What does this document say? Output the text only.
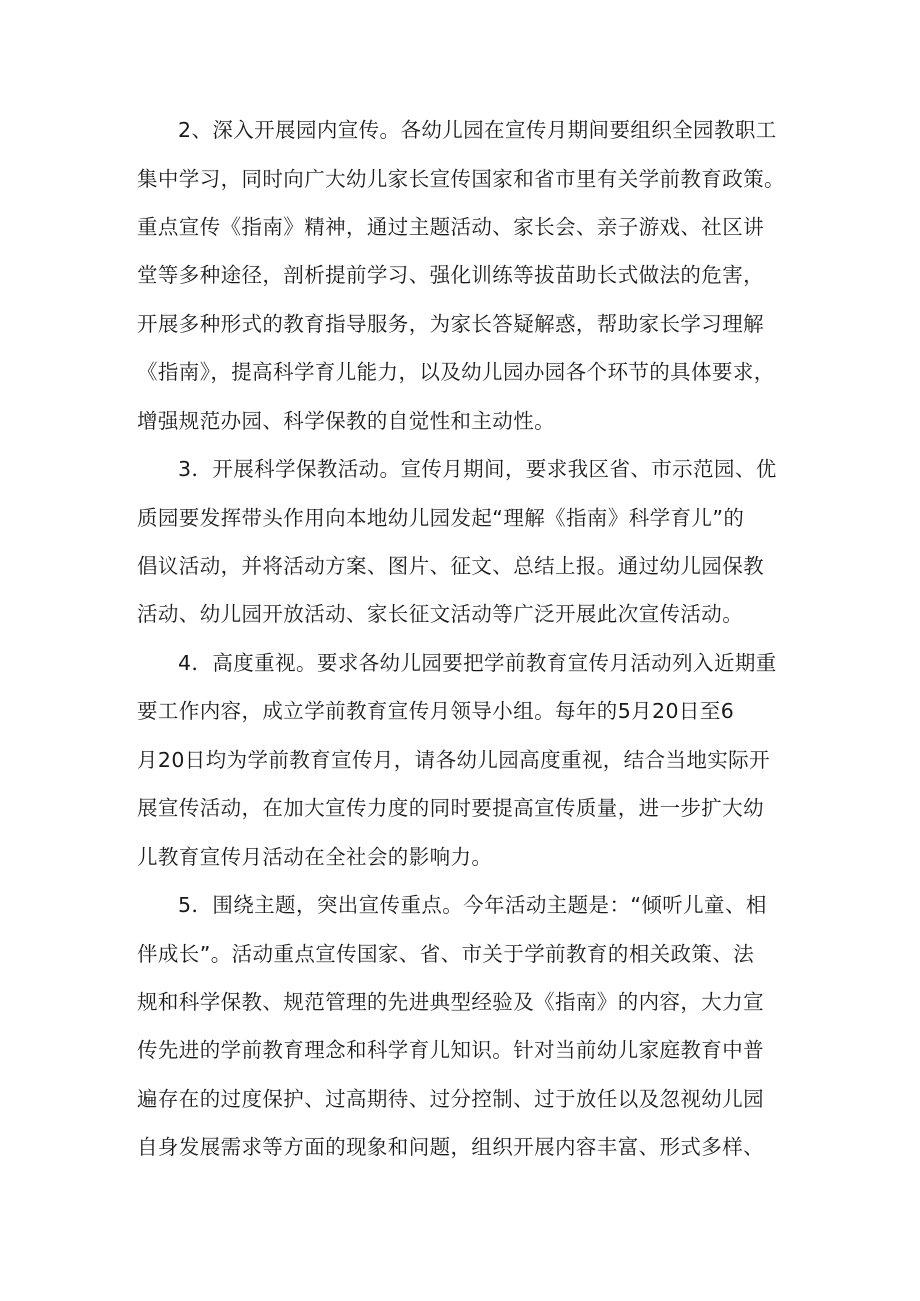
2、深入开展园内宣传。各幼儿园在宣传月期间要组织全园教职工
集中学习，同时向广大幼儿家长宣传国家和省市里有关学前教育政策。
重点宣传《指南》精神，通过主题活动、家长会、亲子游戏、社区讲
堂等多种途径，剖析提前学习、强化训练等拔苗助长式做法的危害，
开展多种形式的教育指导服务，为家长答疑解惑，帮助家长学习理解
《指南》，提高科学育儿能力，以及幼儿园办园各个环节的具体要求，
增强规范办园、科学保教的自觉性和主动性。
3．开展科学保教活动。宣传月期间，要求我区省、市示范园、优
质园要发挥带头作用向本地幼儿园发起“理解《指南》科学育儿”的
倡议活动，并将活动方案、图片、征文、总结上报。通过幼儿园保教
活动、幼儿园开放活动、家长征文活动等广泛开展此次宣传活动。
4．高度重视。要求各幼儿园要把学前教育宣传月活动列入近期重
要工作内容，成立学前教育宣传月领导小组。每年的5月20日至6
月20日均为学前教育宣传月，请各幼儿园高度重视，结合当地实际开
展宣传活动，在加大宣传力度的同时要提高宣传质量，进一步扩大幼
儿教育宣传月活动在全社会的影响力。
5．围绕主题，突出宣传重点。今年活动主题是：“倾听儿童、相
伴成长”。活动重点宣传国家、省、市关于学前教育的相关政策、法
规和科学保教、规范管理的先进典型经验及《指南》的内容，大力宣
传先进的学前教育理念和科学育儿知识。针对当前幼儿家庭教育中普
遍存在的过度保护、过高期待、过分控制、过于放任以及忽视幼儿园
自身发展需求等方面的现象和问题，组织开展内容丰富、形式多样、
